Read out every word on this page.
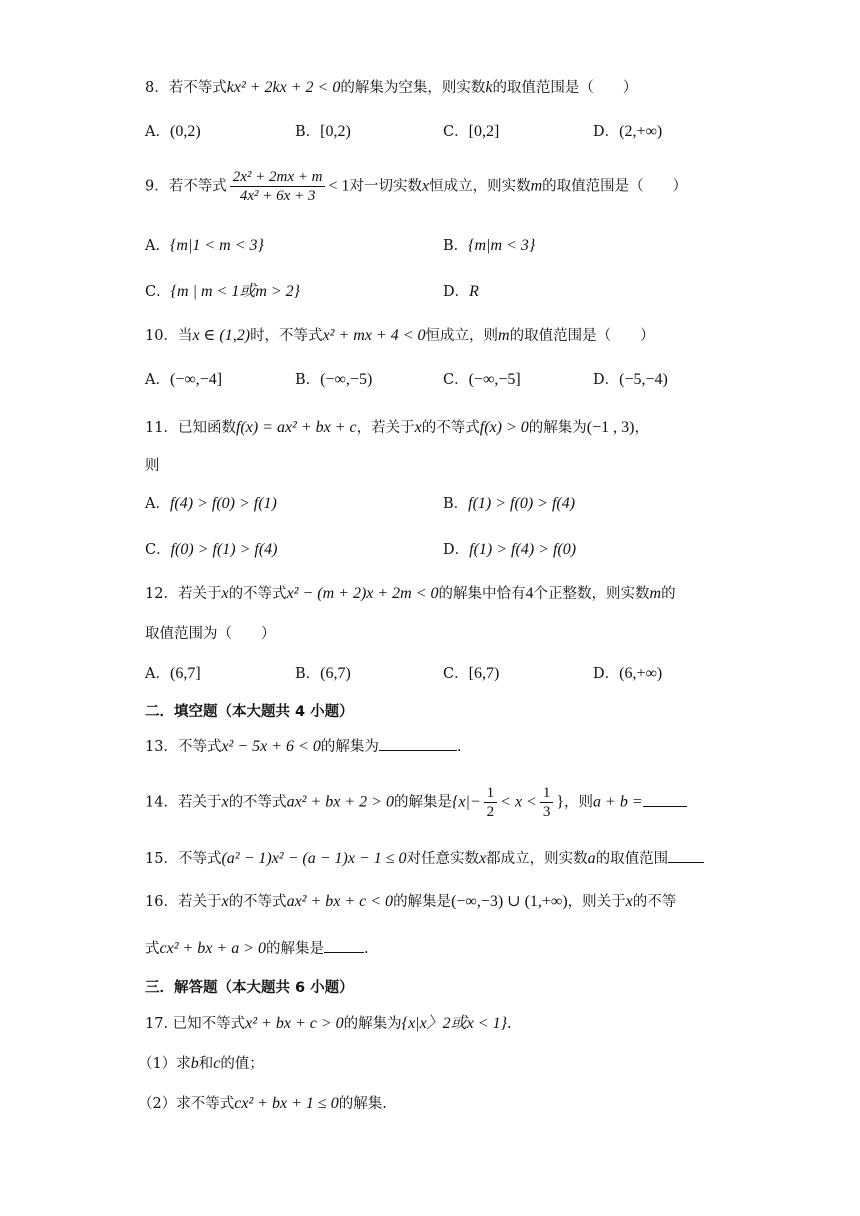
8．若不等式kx² + 2kx + 2 < 0的解集为空集，则实数k的取值范围是（　　）
A．(0,2)	B．[0,2)	C．[0,2]	D．(2,+∞)
9．若不等式 $\frac{\text{2x² + 2mx + m}}{\text{4x² + 6x + 3}} < 1$对一切实数x恒成立，则实数m的取值范围是（　　）
A．{m|1 < m < 3}	B．{m|m < 3}
C．{m | m < 1或m > 2}	D．R
10．当x ∈ (1,2)时，不等式x² + mx + 4 < 0恒成立，则m的取值范围是（　　）
A．(−∞,−4]	B．(−∞,−5)	C．(−∞,−5]	D．(−5,−4)
11．已知函数f(x) = ax² + bx + c，若关于x的不等式f(x) > 0的解集为(−1 , 3)，
则
A．f(4) > f(0) > f(1)	B．f(1) > f(0) > f(4)
C．f(0) > f(1) > f(4)	D．f(1) > f(4) > f(0)
12．若关于x的不等式x² − (m + 2)x + 2m < 0的解集中恰有4个正整数，则实数m的
取值范围为（　　）
A．(6,7]	B．(6,7)	C．[6,7)	D．(6,+∞)
二．填空题（本大题共 4 小题）
13．不等式x² − 5x + 6 < 0的解集为	.
14．若关于x的不等式ax² + bx + 2 > 0的解集是{$x|- \frac{1}{2} < x < \frac{1}{3}$ }，则a + b =
15．不等式(a² − 1)x² − (a − 1)x − 1 ≤ 0对任意实数x都成立，则实数a的取值范围
16．若关于x的不等式ax² + bx + c < 0的解集是(−∞,−3) ∪ (1,+∞)，则关于x的不等
式cx² + bx + a > 0的解集是	.
三．解答题（本大题共 6 小题）
17. 已知不等式x² + bx + c > 0的解集为{x|x〉2或x < 1}.
（1）求b和c的值；
（2）求不等式cx² + bx + 1 ≤ 0的解集.
